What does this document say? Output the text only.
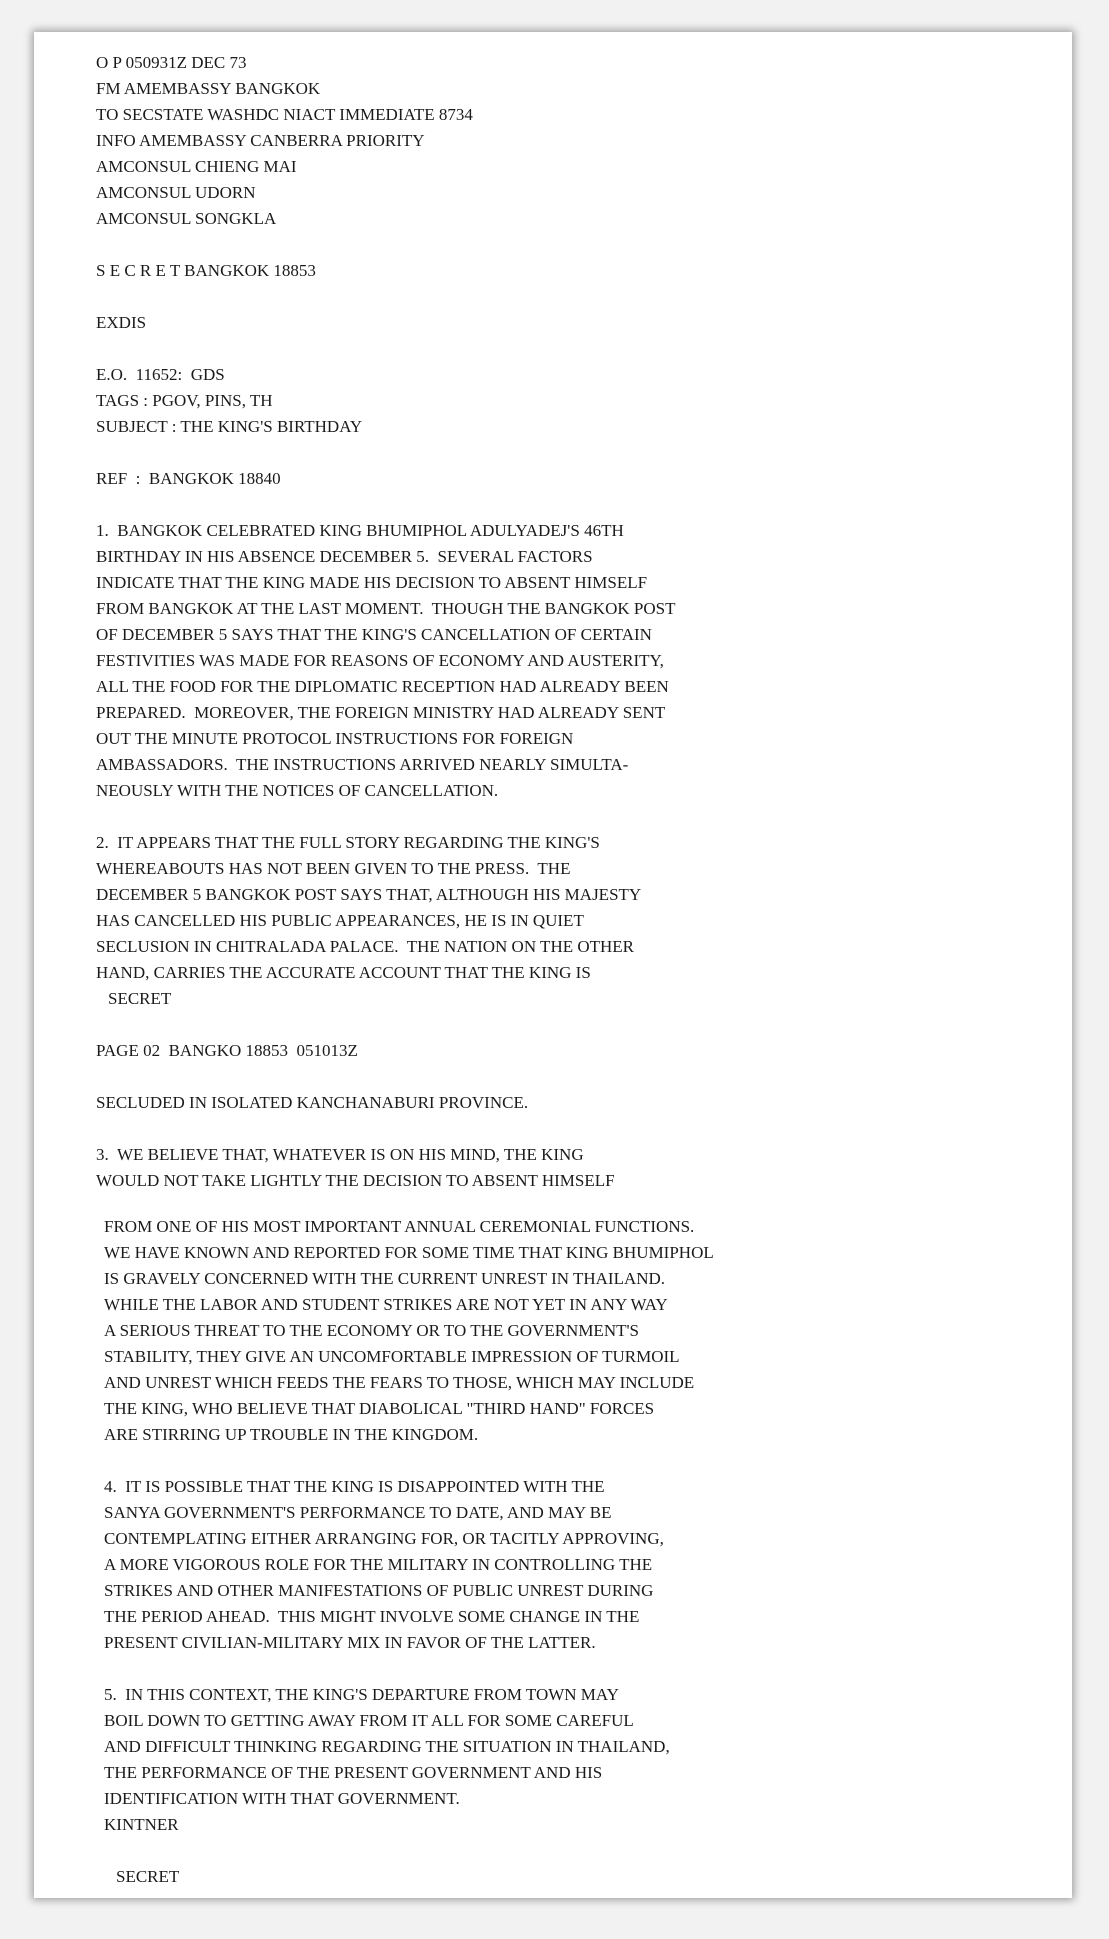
O P 050931Z DEC 73

FM AMEMBASSY BANGKOK

TO SECSTATE WASHDC NIACT IMMEDIATE 8734

INFO AMEMBASSY CANBERRA PRIORITY

AMCONSUL CHIENG MAI

AMCONSUL UDORN

AMCONSUL SONGKLA

S E C R E T BANGKOK 18853

EXDIS

E.O.  11652:  GDS

TAGS : PGOV, PINS, TH

SUBJECT : THE KING'S BIRTHDAY

REF  :  BANGKOK 18840

1.  BANGKOK CELEBRATED KING BHUMIPHOL ADULYADEJ'S 46TH

BIRTHDAY IN HIS ABSENCE DECEMBER 5.  SEVERAL FACTORS

INDICATE THAT THE KING MADE HIS DECISION TO ABSENT HIMSELF

FROM BANGKOK AT THE LAST MOMENT.  THOUGH THE BANGKOK POST

OF DECEMBER 5 SAYS THAT THE KING'S CANCELLATION OF CERTAIN

FESTIVITIES WAS MADE FOR REASONS OF ECONOMY AND AUSTERITY,

ALL THE FOOD FOR THE DIPLOMATIC RECEPTION HAD ALREADY BEEN

PREPARED.  MOREOVER, THE FOREIGN MINISTRY HAD ALREADY SENT

OUT THE MINUTE PROTOCOL INSTRUCTIONS FOR FOREIGN

AMBASSADORS.  THE INSTRUCTIONS ARRIVED NEARLY SIMULTA-

NEOUSLY WITH THE NOTICES OF CANCELLATION.

2.  IT APPEARS THAT THE FULL STORY REGARDING THE KING'S

WHEREABOUTS HAS NOT BEEN GIVEN TO THE PRESS.  THE

DECEMBER 5 BANGKOK POST SAYS THAT, ALTHOUGH HIS MAJESTY

HAS CANCELLED HIS PUBLIC APPEARANCES, HE IS IN QUIET

SECLUSION IN CHITRALADA PALACE.  THE NATION ON THE OTHER

HAND, CARRIES THE ACCURATE ACCOUNT THAT THE KING IS

SECRET

PAGE 02  BANGKO 18853  051013Z

SECLUDED IN ISOLATED KANCHANABURI PROVINCE.

3.  WE BELIEVE THAT, WHATEVER IS ON HIS MIND, THE KING

WOULD NOT TAKE LIGHTLY THE DECISION TO ABSENT HIMSELF

FROM ONE OF HIS MOST IMPORTANT ANNUAL CEREMONIAL FUNCTIONS.

WE HAVE KNOWN AND REPORTED FOR SOME TIME THAT KING BHUMIPHOL

IS GRAVELY CONCERNED WITH THE CURRENT UNREST IN THAILAND.

WHILE THE LABOR AND STUDENT STRIKES ARE NOT YET IN ANY WAY

A SERIOUS THREAT TO THE ECONOMY OR TO THE GOVERNMENT'S

STABILITY, THEY GIVE AN UNCOMFORTABLE IMPRESSION OF TURMOIL

AND UNREST WHICH FEEDS THE FEARS TO THOSE, WHICH MAY INCLUDE

THE KING, WHO BELIEVE THAT DIABOLICAL "THIRD HAND" FORCES

ARE STIRRING UP TROUBLE IN THE KINGDOM.

4.  IT IS POSSIBLE THAT THE KING IS DISAPPOINTED WITH THE

SANYA GOVERNMENT'S PERFORMANCE TO DATE, AND MAY BE

CONTEMPLATING EITHER ARRANGING FOR, OR TACITLY APPROVING,

A MORE VIGOROUS ROLE FOR THE MILITARY IN CONTROLLING THE

STRIKES AND OTHER MANIFESTATIONS OF PUBLIC UNREST DURING

THE PERIOD AHEAD.  THIS MIGHT INVOLVE SOME CHANGE IN THE

PRESENT CIVILIAN-MILITARY MIX IN FAVOR OF THE LATTER.

5.  IN THIS CONTEXT, THE KING'S DEPARTURE FROM TOWN MAY

BOIL DOWN TO GETTING AWAY FROM IT ALL FOR SOME CAREFUL

AND DIFFICULT THINKING REGARDING THE SITUATION IN THAILAND,

THE PERFORMANCE OF THE PRESENT GOVERNMENT AND HIS

IDENTIFICATION WITH THAT GOVERNMENT.

KINTNER

SECRET
